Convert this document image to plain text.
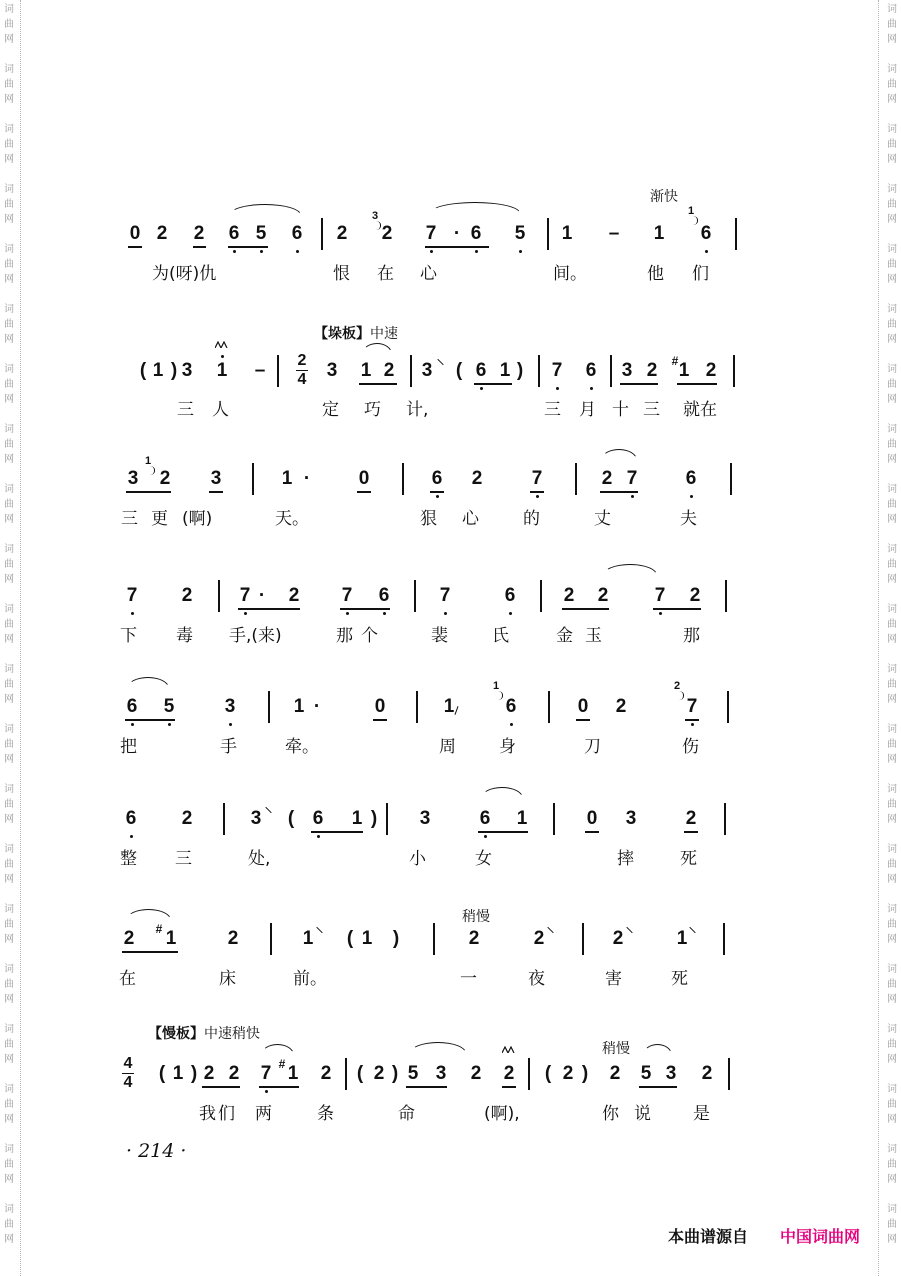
词
曲
网
词
曲
网
词
曲
网
词
曲
网
词
曲
网
词
曲
网
词
曲
网
词
曲
网
词
曲
网
词
曲
网
词
曲
网
词
曲
网
词
曲
网
词
曲
网
词
曲
网
词
曲
网
词
曲
网
词
曲
网
词
曲
网
词
曲
网
词
曲
网
词
曲
网
词
曲
网
词
曲
网
词
曲
网
词
曲
网
词
曲
网
词
曲
网
词
曲
网
词
曲
网
词
曲
网
词
曲
网
词
曲
网
词
曲
网
词
曲
网
词
曲
网
词
曲
网
词
曲
网
词
曲
网
词
曲
网
词
曲
网
词
曲
网
渐快
0 2 2 6 5 6 2
3
2 7 · 6 5 1 – 1
1
6
为(呀)仇	恨 在 心	间。	他 们
【垛板】中速
( 1 ) 3 1 – 2
4 3 1 2 3 ( 6 1 ) 7 6 3 2 # 1 2
三 人	定 巧 计,	三 月 十 三 就在
3
1
2 3	1 ·	0	6 2	7	2 7	6
三 更 (啊)	天。	狠 心	的	丈	夫
7 2 7 · 2 7 6	7	6	2 2 7 2
下 毒 手,(来)	那个	裴	氏	金玉	那
6 5	3	1 ·	0	1
1
6	0 2
2
7
把	手	牵。	周	身	刀	伤
6 2	3 ( 6 1 ) 3	6 1	0 3	2
整 三	处,	小	女	摔	死
稍慢
2 # 1	2	1 ( 1 )	2	2	2	1
在	床	前。	一	夜	害	死
【慢板】中速稍快
稍慢
4
4 ( 1 ) 2 2 7 # 1 2 ( 2 ) 5 3 2 2 ( 2 ) 2 5 3 2
我们 两	条	命	(啊),	你 说 是
· 214 ·
本曲谱源自 中国词曲网
